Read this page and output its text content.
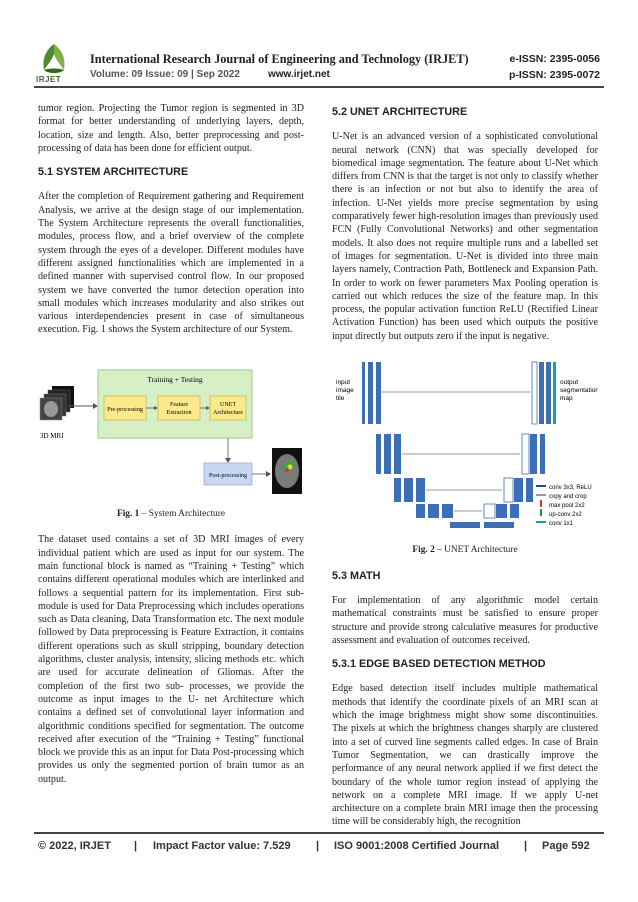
IRJET
International Research Journal of Engineering and Technology (IRJET)	e-ISSN: 2395-0056
Volume: 09 Issue: 09 | Sep 2022	www.irjet.net	p-ISSN: 2395-0072

tumor region. Projecting the Tumor region is segmented in 3D format for better understanding of underlying layers, depth, location, size and length. Also, better preprocessing and post-processing of data has been done for efficient output.

5.1 SYSTEM ARCHITECTURE

After the completion of Requirement gathering and Requirement Analysis, we arrive at the design stage of our implementation. The System Architecture represents the overall functionalities, modules, process flow, and a brief overview of the complete system through the eyes of a developer. Different modules have different assigned functionalities which are implemented in a defined manner with supervised control flow. In our proposed system we have converted the tumor detection operation into small modules which increases modularity and also strikes out various interdependencies present in case of simultaneous execution. Fig. 1 shows the System architecture of our System.

3D MRI
Training + Testing
Pre-processing
Feature
Extraction
UNET
Architecture
Post-processing
Fig. 1 – System Architecture

The dataset used contains a set of 3D MRI images of every individual patient which are used as input for our system. The main functional block is named as “Training + Testing” which contains different operational modules which are interlinked and follows a sequential pattern for its implementation. First sub-module is used for Data Preprocessing which includes operations such as Data cleaning, Data Transformation etc. The next module followed by Data preprocessing is Feature Extraction, it contains different operations such as skull stripping, boundary detection algorithms, cluster analysis, intensity, slicing methods etc. which are used for accurate delineation of Gliomas. After the completion of the first two sub- processes, we provide the outcome as input images to the U- net Architecture which contains a defined set of convolutional layer information and algorithmic conditions specified for segmentation. The outcome received after execution of the “Training + Testing” functional block we provide this as an input for Data Post-processing which provides us only the segmented portion of brain tumor as an output.

5.2 UNET ARCHITECTURE

U-Net is an advanced version of a sophisticated convolutional neural network (CNN) that was specially developed for biomedical image segmentation. The feature about U-Net which differs from CNN is that the target is not only to classify whether there is an infection or not but also to identify the area of infection. U-Net yields more precise segmentation by using comparatively fewer high-resolution images than previously used FCN (Fully Convolutional Networks) and other segmentation models. It also does not require multiple runs and a labelled set of images for segmentation. U-Net is divided into three main layers namely, Contraction Path, Bottleneck and Expansion Path. In order to work on fewer parameters Max Pooling operation is carried out which reduces the size of the feature map. In this process, the popular activation function ReLU (Rectified Linear Activation Function) has been used which outputs the positive input directly but outputs zero if the input is negative.

input
image
tile
output
segmentation
map
conv 3x3, ReLU
copy and crop
max pool 2x2
up-conv 2x2
conv 1x1
Fig. 2 – UNET Architecture
5.3 MATH

For implementation of any algorithmic model certain mathematical constraints must be satisfied to ensure proper structure and provide strong calculative measures for productive assessment and evaluation of outcomes received.

5.3.1 EDGE BASED DETECTION METHOD

Edge based detection itself includes multiple mathematical methods that identify the coordinate pixels of an MRI scan at which the image brightness might show some discontinuities. The pixels at which the brightness changes sharply are clustered into a set of curved line segments called edges. In case of Brain Tumor Segmentation, we can drastically improve the performance of any neural network applied if we first detect the boundary of the whole tumor region instead of applying the network on a complete MRI image. If we apply U-net architecture on a complete brain MRI image then the processing time will be considerably high, the recognition

© 2022, IRJET | Impact Factor value: 7.529 | ISO 9001:2008 Certified Journal | Page 592
